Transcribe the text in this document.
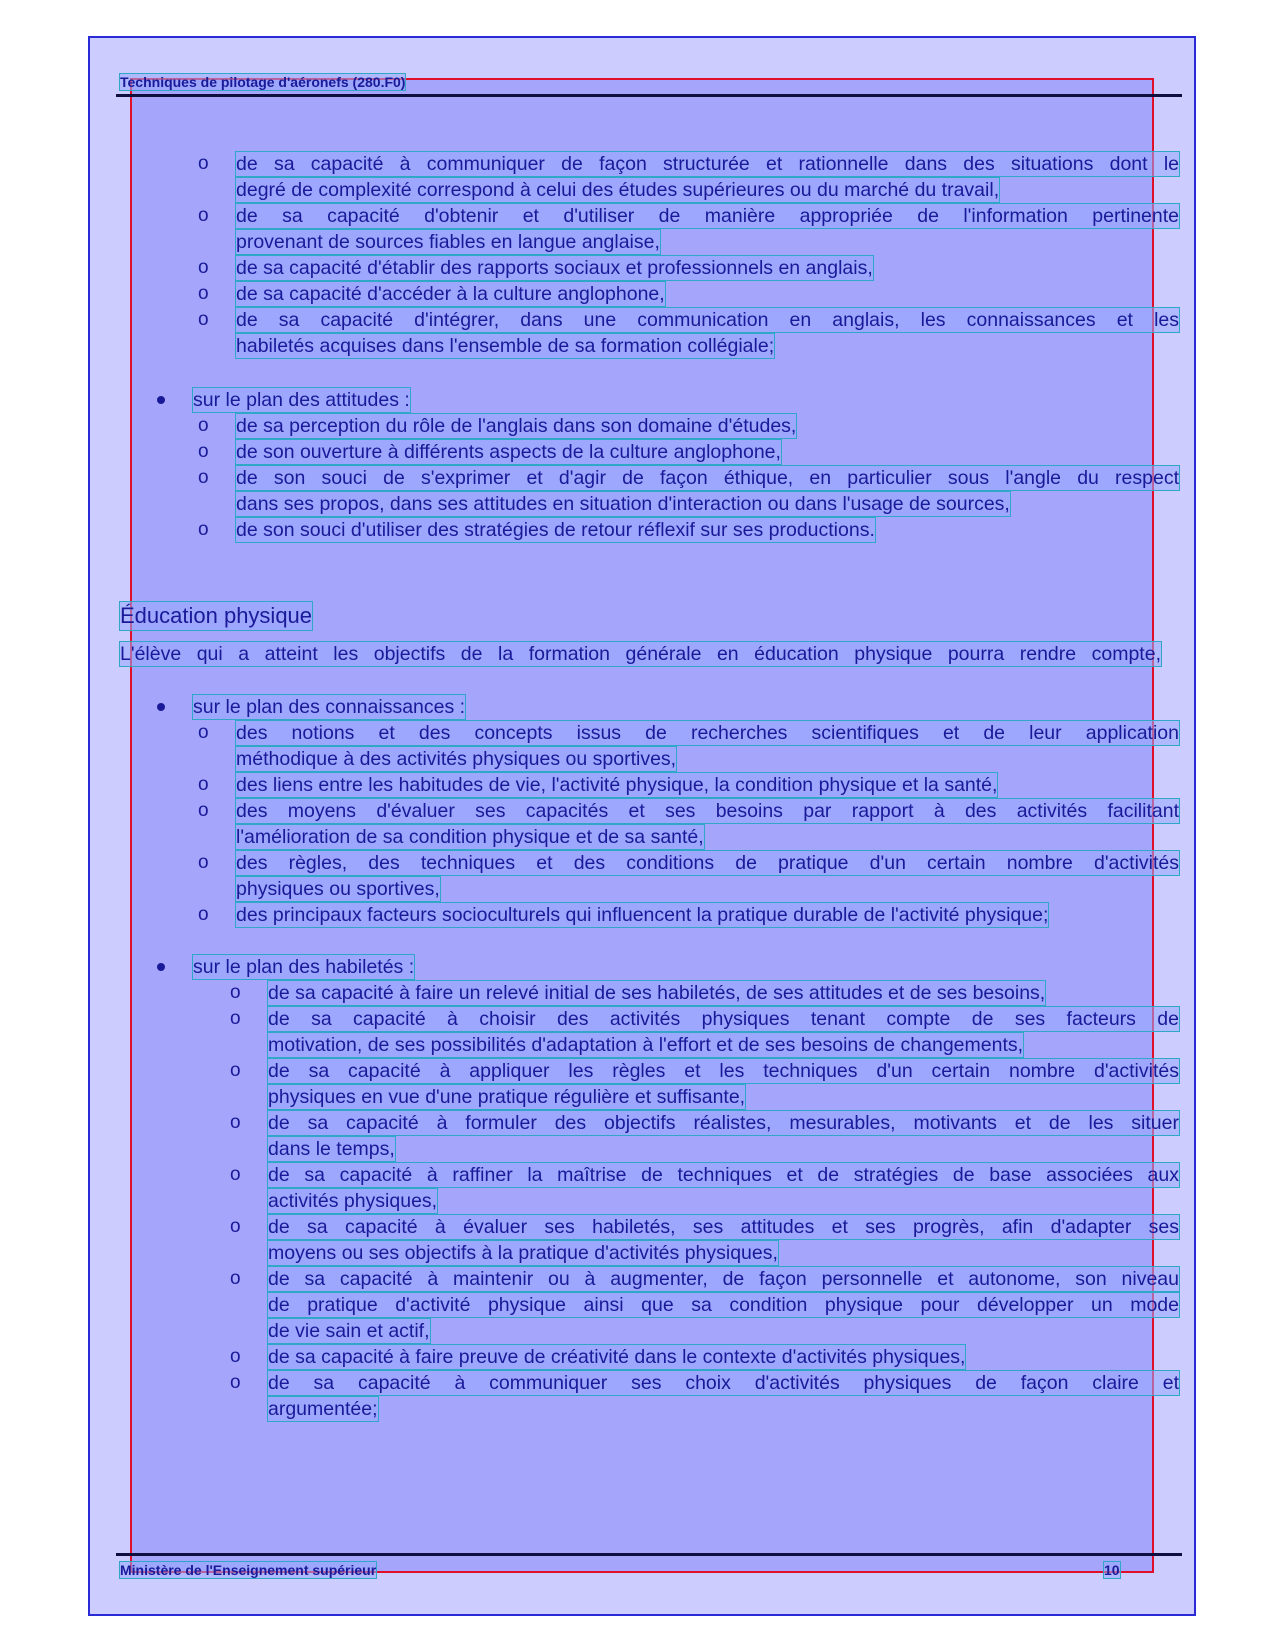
Techniques de pilotage d'aéronefs (280.F0)
o de sa capacité à communiquer de façon structurée et rationnelle dans des situations dont le
degré de complexité correspond à celui des études supérieures ou du marché du travail,
o de sa capacité d'obtenir et d'utiliser de manière appropriée de l'information pertinente
provenant de sources fiables en langue anglaise,
o de sa capacité d'établir des rapports sociaux et professionnels en anglais,
o de sa capacité d'accéder à la culture anglophone,
o de sa capacité d'intégrer, dans une communication en anglais, les connaissances et les
habiletés acquises dans l'ensemble de sa formation collégiale;
sur le plan des attitudes :
o de sa perception du rôle de l'anglais dans son domaine d'études,
o de son ouverture à différents aspects de la culture anglophone,
o de son souci de s'exprimer et d'agir de façon éthique, en particulier sous l'angle du respect
dans ses propos, dans ses attitudes en situation d'interaction ou dans l'usage de sources,
o de son souci d'utiliser des stratégies de retour réflexif sur ses productions.
Éducation physique
L'élève qui a atteint les objectifs de la formation générale en éducation physique pourra rendre compte,
sur le plan des connaissances :
o des notions et des concepts issus de recherches scientifiques et de leur application
méthodique à des activités physiques ou sportives,
o des liens entre les habitudes de vie, l'activité physique, la condition physique et la santé,
o des moyens d'évaluer ses capacités et ses besoins par rapport à des activités facilitant
l'amélioration de sa condition physique et de sa santé,
o des règles, des techniques et des conditions de pratique d'un certain nombre d'activités
physiques ou sportives,
o des principaux facteurs socioculturels qui influencent la pratique durable de l'activité physique;
sur le plan des habiletés :
o de sa capacité à faire un relevé initial de ses habiletés, de ses attitudes et de ses besoins,
o de sa capacité à choisir des activités physiques tenant compte de ses facteurs de
motivation, de ses possibilités d'adaptation à l'effort et de ses besoins de changements,
o de sa capacité à appliquer les règles et les techniques d'un certain nombre d'activités
physiques en vue d'une pratique régulière et suffisante,
o de sa capacité à formuler des objectifs réalistes, mesurables, motivants et de les situer
dans le temps,
o de sa capacité à raffiner la maîtrise de techniques et de stratégies de base associées aux
activités physiques,
o de sa capacité à évaluer ses habiletés, ses attitudes et ses progrès, afin d'adapter ses
moyens ou ses objectifs à la pratique d'activités physiques,
o de sa capacité à maintenir ou à augmenter, de façon personnelle et autonome, son niveau
de pratique d'activité physique ainsi que sa condition physique pour développer un mode
de vie sain et actif,
o de sa capacité à faire preuve de créativité dans le contexte d'activités physiques,
o de sa capacité à communiquer ses choix d'activités physiques de façon claire et
argumentée;
Ministère de l'Enseignement supérieur	10
